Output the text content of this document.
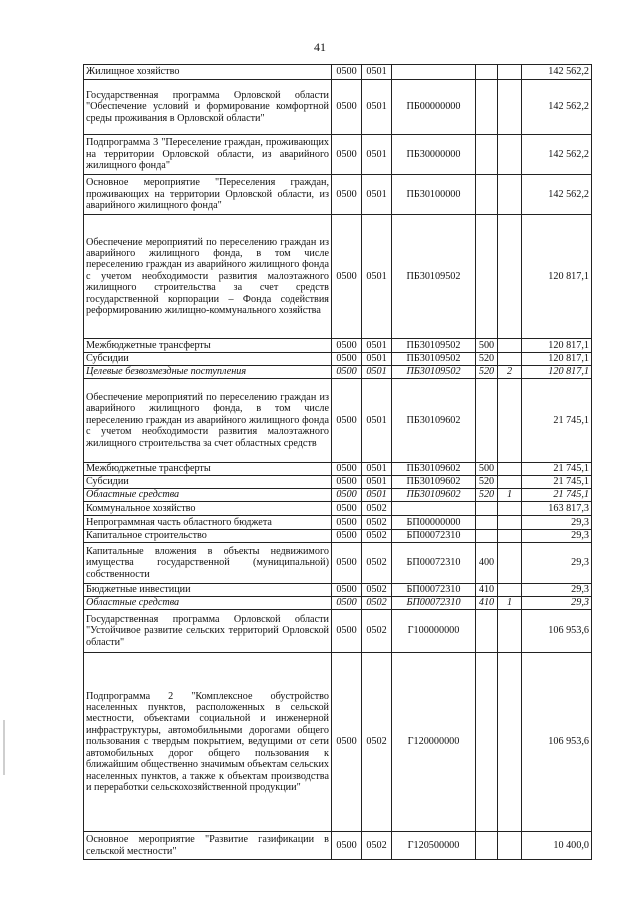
41
Жилищное хозяйство	0500	0501				142 562,2
Государственная программа Орловской области "Обеспечение условий и формирование комфортной среды проживания в Орловской области"	0500	0501	ПБ00000000			142 562,2
Подпрограмма 3 "Переселение граждан, проживающих на территории Орловской области, из аварийного жилищного фонда"	0500	0501	ПБ30000000			142 562,2
Основное мероприятие "Переселения граждан, проживающих на территории Орловской области, из аварийного жилищного фонда"	0500	0501	ПБ30100000			142 562,2
Обеспечение мероприятий по переселению граждан из аварийного жилищного фонда, в том числе переселению граждан из аварийного жилищного фонда с учетом необходимости развития малоэтажного жилищного строительства за счет средств государственной корпорации – Фонда содействия реформированию жилищно-коммунального хозяйства	0500	0501	ПБ30109502			120 817,1
Межбюджетные трансферты	0500	0501	ПБ30109502	500		120 817,1
Субсидии	0500	0501	ПБ30109502	520		120 817,1
Целевые безвозмездные поступления	0500	0501	ПБ30109502	520	2	120 817,1
Обеспечение мероприятий по переселению граждан из аварийного жилищного фонда, в том числе переселению граждан из аварийного жилищного фонда с учетом необходимости развития малоэтажного жилищного строительства за счет областных средств	0500	0501	ПБ30109602			21 745,1
Межбюджетные трансферты	0500	0501	ПБ30109602	500		21 745,1
Субсидии	0500	0501	ПБ30109602	520		21 745,1
Областные средства	0500	0501	ПБ30109602	520	1	21 745,1
Коммунальное хозяйство	0500	0502				163 817,3
Непрограммная часть областного бюджета	0500	0502	БП00000000			29,3
Капитальное строительство	0500	0502	БП00072310			29,3
Капитальные вложения в объекты недвижимого имущества государственной (муниципальной) собственности	0500	0502	БП00072310	400		29,3
Бюджетные инвестиции	0500	0502	БП00072310	410		29,3
Областные средства	0500	0502	БП00072310	410	1	29,3
Государственная программа Орловской области "Устойчивое развитие сельских территорий Орловской области"	0500	0502	Г100000000			106 953,6
Подпрограмма 2 "Комплексное обустройство населенных пунктов, расположенных в сельской местности, объектами социальной и инженерной инфраструктуры, автомобильными дорогами общего пользования с твердым покрытием, ведущими от сети автомобильных дорог общего пользования к ближайшим общественно значимым объектам сельских населенных пунктов, а также к объектам производства и переработки сельскохозяйственной продукции"	0500	0502	Г120000000			106 953,6
Основное мероприятие "Развитие газификации в сельской местности"	0500	0502	Г120500000			10 400,0
